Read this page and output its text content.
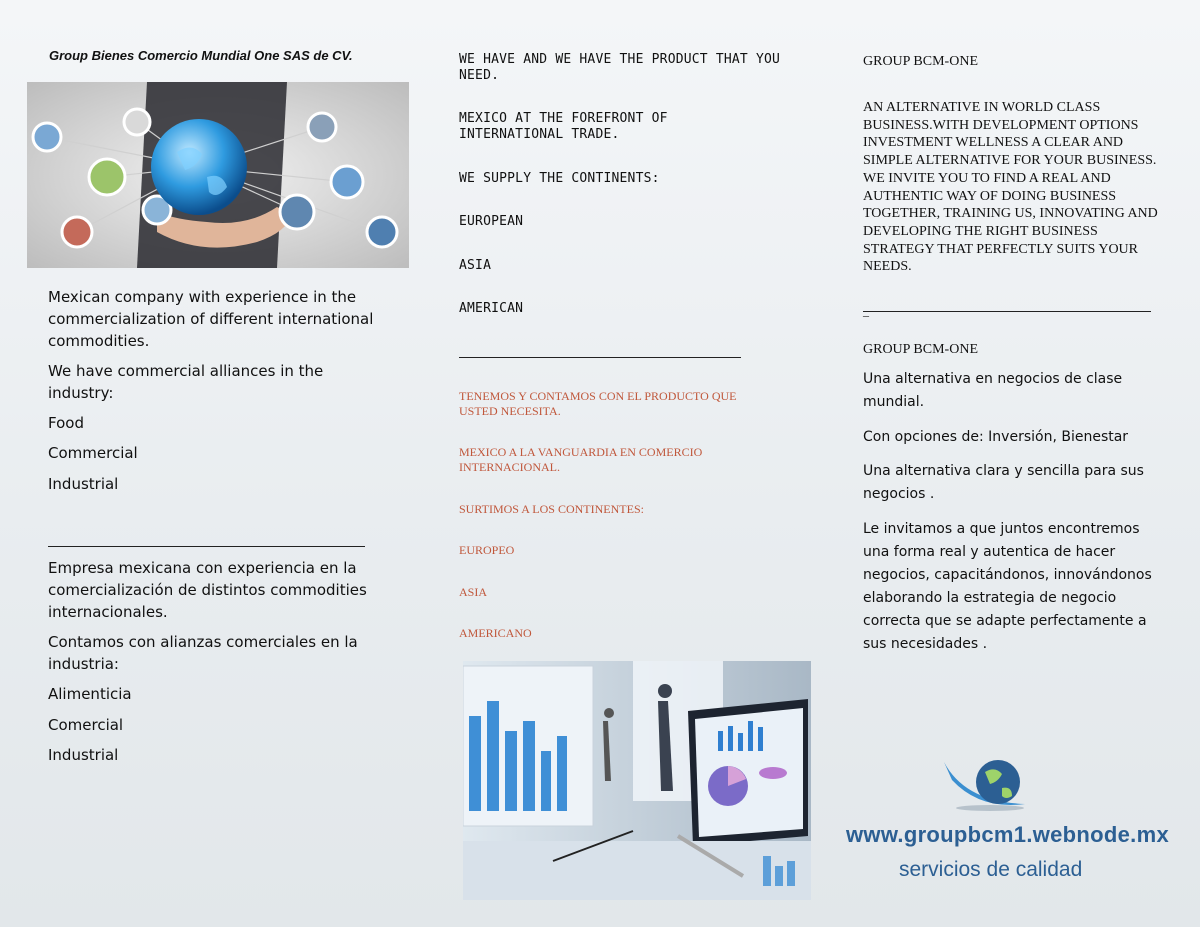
Group Bienes Comercio Mundial One SAS de CV.

Mexican company with experience in the commercialization of different international commodities.

We have commercial alliances in the industry:

Food

Commercial

Industrial

Empresa mexicana con experiencia en la comercialización de distintos commodities internacionales.

Contamos con alianzas comerciales en la industria:

Alimenticia

Comercial

Industrial

WE HAVE AND WE HAVE THE PRODUCT THAT YOU NEED.

MEXICO AT THE FOREFRONT OF INTERNATIONAL TRADE.

WE SUPPLY THE CONTINENTS:

EUROPEAN

ASIA

AMERICAN

TENEMOS Y CONTAMOS CON EL PRODUCTO QUE USTED NECESITA.

MEXICO A LA VANGUARDIA EN COMERCIO INTERNACIONAL.

SURTIMOS A LOS CONTINENTES:

EUROPEO

ASIA

AMERICANO

GROUP BCM-ONE

AN ALTERNATIVE IN WORLD CLASS BUSINESS.WITH DEVELOPMENT OPTIONS INVESTMENT WELLNESS A CLEAR AND SIMPLE ALTERNATIVE FOR YOUR BUSINESS. WE INVITE YOU TO FIND A REAL AND AUTHENTIC WAY OF DOING BUSINESS TOGETHER, TRAINING US, INNOVATING AND DEVELOPING THE RIGHT BUSINESS STRATEGY THAT PERFECTLY SUITS YOUR NEEDS.

_

GROUP BCM-ONE

Una alternativa en negocios de clase mundial.

Con opciones de: Inversión, Bienestar

Una alternativa clara y sencilla para sus negocios .

Le invitamos a que juntos encontremos una forma real y autentica de hacer negocios, capacitándonos, innovándonos elaborando la estrategia de negocio correcta que se adapte perfectamente a sus necesidades .

www.groupbcm1.webnode.mx

servicios de calidad
